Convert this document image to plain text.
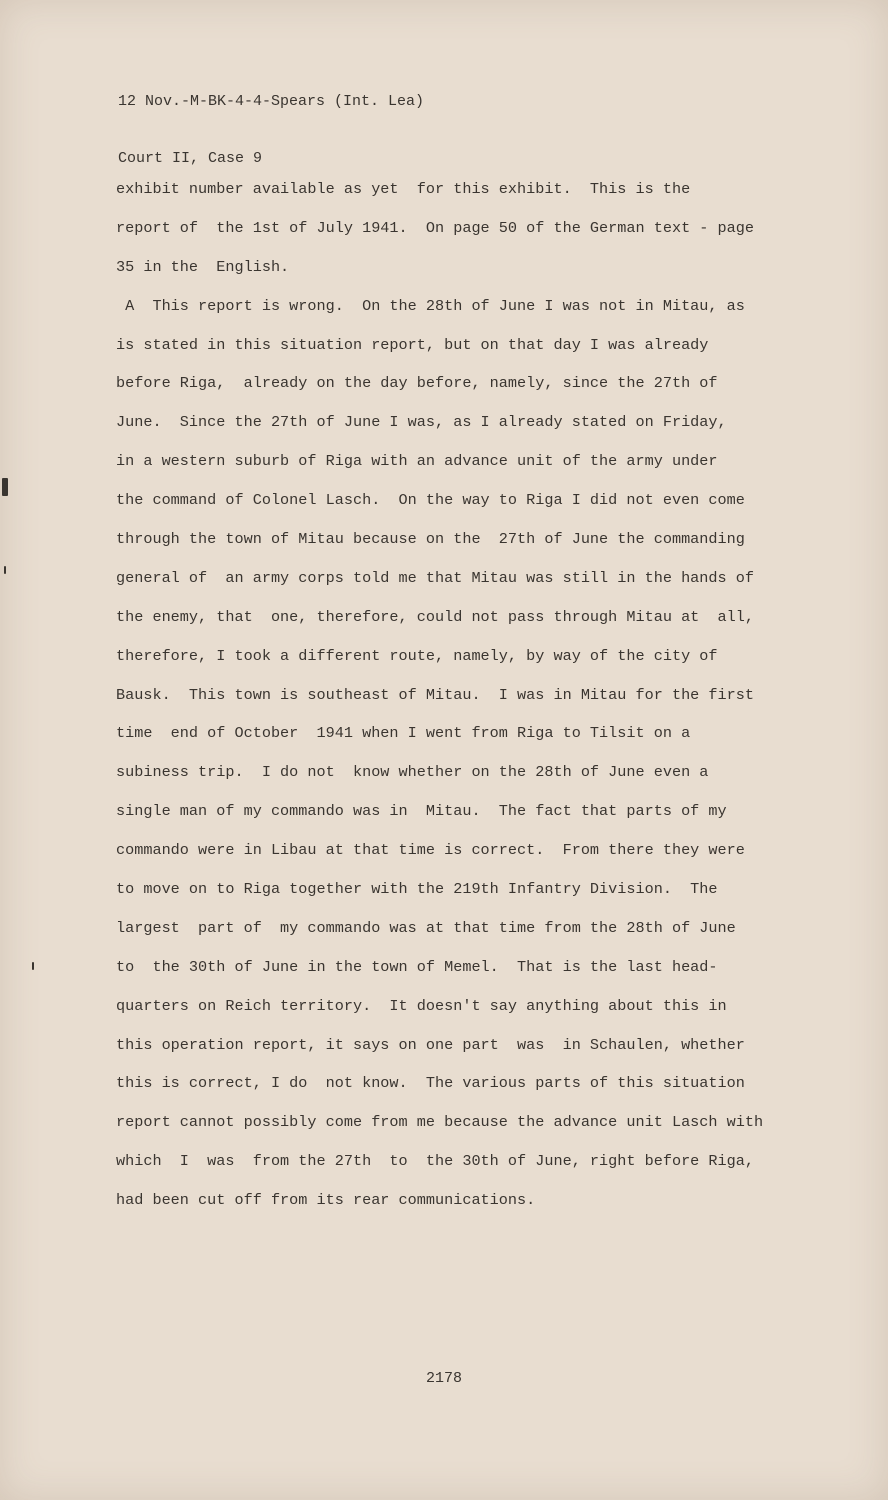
12 Nov.-M-BK-4-4-Spears (Int. Lea)

Court II, Case 9

exhibit number available as yet  for this exhibit.  This is the
report of  the 1st of July 1941.  On page 50 of the German text - page
35 in the  English.
A  This report is wrong.  On the 28th of June I was not in Mitau, as
is stated in this situation report, but on that day I was already
before Riga,  already on the day before, namely, since the 27th of
June.  Since the 27th of June I was, as I already stated on Friday,
in a western suburb of Riga with an advance unit of the army under
the command of Colonel Lasch.  On the way to Riga I did not even come
through the town of Mitau because on the  27th of June the commanding
general of  an army corps told me that Mitau was still in the hands of
the enemy, that  one, therefore, could not pass through Mitau at  all,
therefore, I took a different route, namely, by way of the city of
Bausk.  This town is southeast of Mitau.  I was in Mitau for the first
time  end of October  1941 when I went from Riga to Tilsit on a
subiness trip.  I do not  know whether on the 28th of June even a
single man of my commando was in  Mitau.  The fact that parts of my
commando were in Libau at that time is correct.  From there they were
to move on to Riga together with the 219th Infantry Division.  The
largest  part of  my commando was at that time from the 28th of June
to  the 30th of June in the town of Memel.  That is the last head-
quarters on Reich territory.  It doesn't say anything about this in
this operation report, it says on one part  was  in Schaulen, whether
this is correct, I do  not know.  The various parts of this situation
report cannot possibly come from me because the advance unit Lasch with
which  I  was  from the 27th  to  the 30th of June, right before Riga,
had been cut off from its rear communications.
2178
